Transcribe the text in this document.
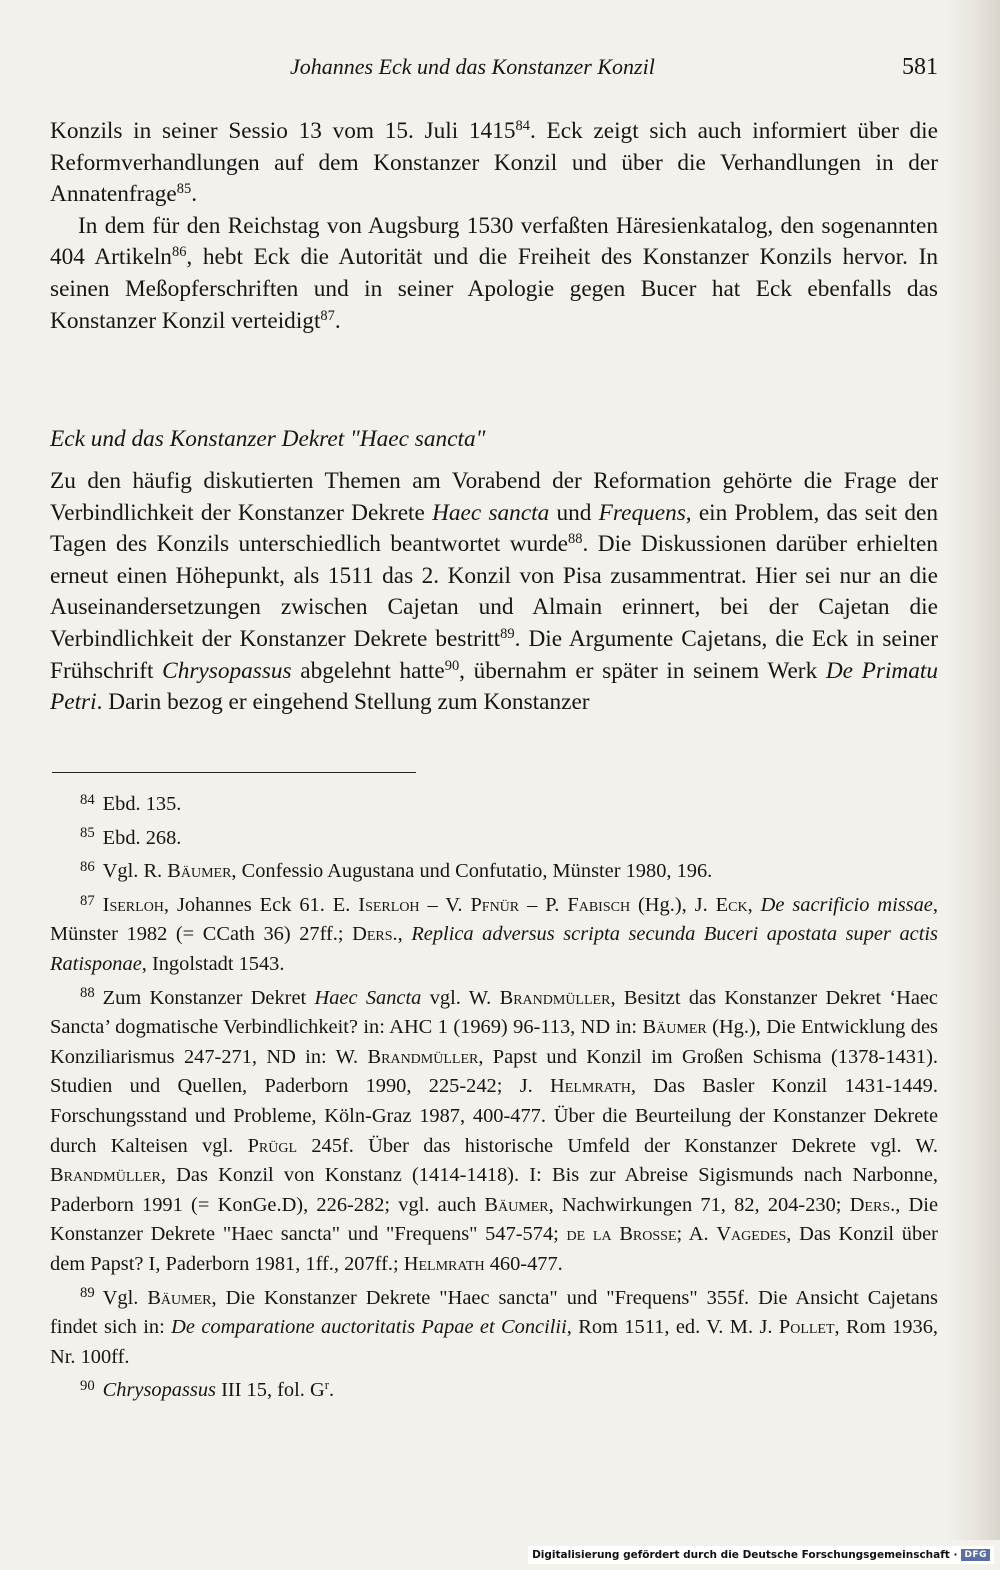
Johannes Eck und das Konstanzer Konzil	581

Konzils in seiner Sessio 13 vom 15. Juli 1415$^{84}$. Eck zeigt sich auch informiert über die Reformverhandlungen auf dem Konstanzer Konzil und über die Verhandlungen in der Annatenfrage$^{85}$.

In dem für den Reichstag von Augsburg 1530 verfaßten Häresienkatalog, den sogenannten 404 Artikeln$^{86}$, hebt Eck die Autorität und die Freiheit des Konstanzer Konzils hervor. In seinen Meßopferschriften und in seiner Apologie gegen Bucer hat Eck ebenfalls das Konstanzer Konzil verteidigt$^{87}$.

Eck und das Konstanzer Dekret "Haec sancta"

Zu den häufig diskutierten Themen am Vorabend der Reformation gehörte die Frage der Verbindlichkeit der Konstanzer Dekrete Haec sancta und Frequens, ein Problem, das seit den Tagen des Konzils unterschiedlich beantwortet wurde$^{88}$. Die Diskussionen darüber erhielten erneut einen Höhepunkt, als 1511 das 2. Konzil von Pisa zusammentrat. Hier sei nur an die Auseinandersetzungen zwischen Cajetan und Almain erinnert, bei der Cajetan die Verbindlichkeit der Konstanzer Dekrete bestritt$^{89}$. Die Argumente Cajetans, die Eck in seiner Frühschrift Chrysopassus abgelehnt hatte$^{90}$, übernahm er später in seinem Werk De Primatu Petri. Darin bezog er eingehend Stellung zum Konstanzer

$^{84}$ Ebd. 135.

$^{85}$ Ebd. 268.

$^{86}$ Vgl. R. Bäumer, Confessio Augustana und Confutatio, Münster 1980, 196.

$^{87}$ Iserloh, Johannes Eck 61. E. Iserloh – V. Pfnür – P. Fabisch (Hg.), J. Eck, De sacrificio missae, Münster 1982 (= CCath 36) 27ff.; Ders., Replica adversus scripta secunda Buceri apostata super actis Ratisponae, Ingolstadt 1543.

$^{88}$ Zum Konstanzer Dekret Haec Sancta vgl. W. Brandmüller, Besitzt das Konstanzer Dekret ‘Haec Sancta’ dogmatische Verbindlichkeit? in: AHC 1 (1969) 96-113, ND in: Bäumer (Hg.), Die Entwicklung des Konziliarismus 247-271, ND in: W. Brandmüller, Papst und Konzil im Großen Schisma (1378-1431). Studien und Quellen, Paderborn 1990, 225-242; J. Helmrath, Das Basler Konzil 1431-1449. Forschungsstand und Probleme, Köln-Graz 1987, 400-477. Über die Beurteilung der Konstanzer Dekrete durch Kalteisen vgl. Prügl 245f. Über das historische Umfeld der Konstanzer Dekrete vgl. W. Brandmüller, Das Konzil von Konstanz (1414-1418). I: Bis zur Abreise Sigismunds nach Narbonne, Paderborn 1991 (= KonGe.D), 226-282; vgl. auch Bäumer, Nachwirkungen 71, 82, 204-230; Ders., Die Konstanzer Dekrete "Haec sancta" und "Frequens" 547-574; de la Brosse; A. Vagedes, Das Konzil über dem Papst? I, Paderborn 1981, 1ff., 207ff.; Helmrath 460-477.

$^{89}$ Vgl. Bäumer, Die Konstanzer Dekrete "Haec sancta" und "Frequens" 355f. Die Ansicht Cajetans findet sich in: De comparatione auctoritatis Papae et Concilii, Rom 1511, ed. V. M. J. Pollet, Rom 1936, Nr. 100ff.

$^{90}$ Chrysopassus III 15, fol. $G^r$.

Digitalisierung gefördert durch die Deutsche Forschungsgemeinschaft · DFG
